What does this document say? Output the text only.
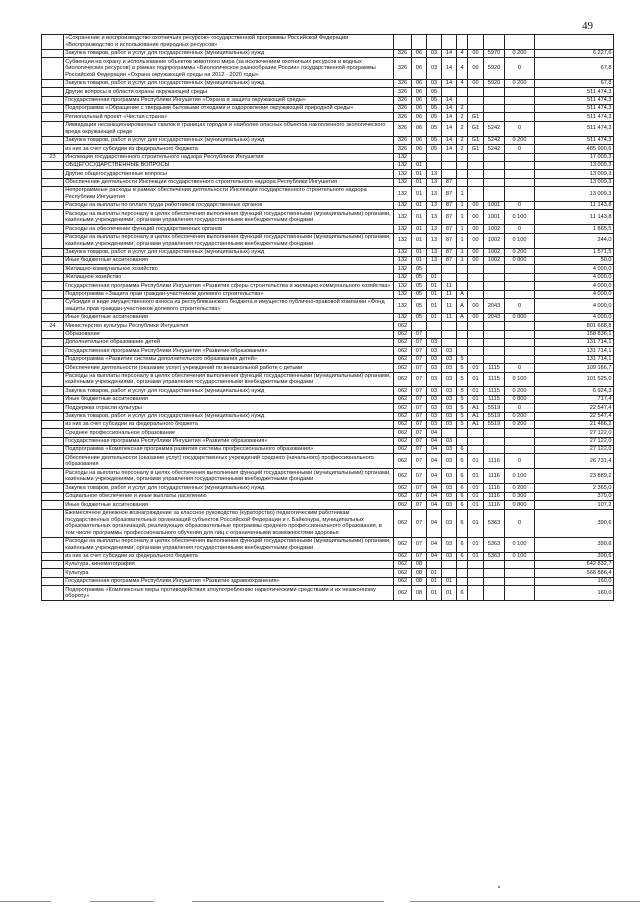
49
	«Сохранение и воспроизводство охотничьих ресурсов» государственной программы Российской Федерации «Воспроизводство и использование природных ресурсов»									
	Закупка товаров, работ и услуг для государственных (муниципальных) нужд	326	06	03	14	4	00	5970	0 200	6 227,6
	Субвенции на охрану и использование объектов животного мира (за исключением охотничьих ресурсов и водных биологических ресурсов) в рамках подпрограммы «Биологическое разнообразие России» государственной программы Российской Федерации «Охрана окружающей среды на 2012 - 2020 годы»	326	06	03	14	4	00	5920	0	67,8
	Закупка товаров, работ и услуг для государственных (муниципальных) нужд	326	06	03	14	4	00	5920	0 200	67,8
	Другие вопросы в области охраны окружающей среды	326	06	05						511 474,3
	Государственная программа Республики Ингушетия «Охрана и защита окружающей среды»	326	06	05	14					511 474,3
	Подпрограмма «Обращение с твердыми бытовыми отходами и оздоровление окружающей природной среды»	326	06	05	14	2				511 474,3
	Региональный проект «Чистая страна»	326	06	05	14	2	G1			511 474,3
	Ликвидация несанкционированных свалок в границах городов и наиболее опасных объектов накопленного экологического вреда окружающей среде	326	06	05	14	2	G1	5242	0	511 474,3
	Закупка товаров, работ и услуг для государственных (муниципальных) нужд	326	06	05	14	2	G1	5242	0 200	511 474,3
	из них за счет субсидии из федерального бюджета	326	06	05	14	2	G1	5242	0	485 900,6
23	Инспекция государственного строительного надзора Республики Ингушетия	132								17 009,3
	ОБЩЕГОСУДАРСТВЕННЫЕ ВОПРОСЫ	132	01							13 009,3
	Другие общегосударственные вопросы	132	01	13						13 009,3
	Обеспечение деятельности Инспекции государственного строительного надзора Республики Ингушетия	132	01	13	87					13 009,3
	Непрограммные расходы в рамках обеспечения деятельности Инспекции государственного строительного надзора Республики Ингушетия	132	01	13	87	1				13 009,3
	Расходы на выплаты по оплате труда работников государственных органов	132	01	13	87	1	00	1001	0	11 143,8
	Расходы на выплаты персоналу в целях обеспечения выполнения функций государственными (муниципальными) органами, казёнными учреждениями, органами управления государственными внебюджетными фондами	132	01	13	87	1	00	1001	0 100	11 143,8
	Расходы на обеспечение функций государственных органов	132	01	13	87	1	00	1002	0	1 865,5
	Расходы на выплаты персоналу в целях обеспечения выполнения функций государственными (муниципальными) органами, казёнными учреждениями, органами управления государственными внебюджетными фондами	132	01	13	87	1	00	1002	0 100	244,0
	Закупка товаров, работ и услуг для государственных (муниципальных) нужд	132	01	13	87	1	00	1002	0 200	1 571,5
	Иные бюджетные ассигнования	132	01	13	87	1	00	1002	0 800	50,0
	Жилищно-коммунальное хозяйство	132	05							4 000,0
	Жилищное хозяйство	132	05	01						4 000,0
	Государственная программа Республики Ингушетия «Развитие сферы строительства и жилищно-коммунального хозяйства»	132	05	01	11					4 000,0
	Подпрограмма «Защита прав граждан-участников долевого строительства»	132	05	01	11	А				4 000,0
	Субсидия в виде имущественного взноса из республиканского бюджета в имущество публично-правовой компании «Фонд защиты прав граждан-участников долевого строительства»	132	05	01	11	А	00	2043	0	4 000,0
	Иные бюджетные ассигнования	132	05	01	11	А	00	2043	0 800	4 000,0
24	Министерство культуры Республики Ингушетия	062								801 668,8
	Образование	062	07							158 836,1
	Дополнительное образование детей	062	07	03						131 714,1
	Государственная программа Республики Ингушетия «Развитие образования»	062	07	03	03					131 714,1
	Подпрограмма «Развитие системы дополнительного образования детей»	062	07	03	03	5				131 714,1
	Обеспечение деятельности (оказание услуг) учреждений по внешкольной работе с детьми	062	07	03	03	5	01	1115	0	109 166,7
	Расходы на выплаты персоналу в целях обеспечения выполнения функций государственными (муниципальными) органами, казёнными учреждениями, органами управления государственными внебюджетными фондами	062	07	03	03	5	01	1115	0 100	101 525,0
	Закупка товаров, работ и услуг для государственных (муниципальных) нужд	062	07	03	03	5	01	1115	0 200	6 924,3
	Иные бюджетные ассигнования	062	07	03	03	5	01	1115	0 800	717,4
	Поддержка отрасли культуры	062	07	03	03	5	А1	5519	0	22 547,4
	Закупка товаров, работ и услуг для государственных (муниципальных) нужд	062	07	03	03	5	А1	5519	0 200	22 547,4
	из них за счет субсидии из федерального бюджета	062	07	03	03	5	А1	5519	0 200	21 466,2
	Среднее профессиональное образование	062	07	04						27 122,0
	Государственная программа Республики Ингушетия «Развитие образования»	062	07	04	03					27 122,0
	Подпрограмма «Комплексная программа развития системы профессионального образования»	062	07	04	03	6				27 122,0
	Обеспечение деятельности (оказание услуг) государственных учреждений среднего (начального) профессионального образования	062	07	04	03	6	01	1116	0	26 731,4
	Расходы на выплаты персоналу в целях обеспечения выполнения функций государственными (муниципальными) органами, казёнными учреждениями, органами управления государственными внебюджетными фондами	062	07	04	03	6	01	1116	0 100	23 889,2
	Закупка товаров, работ и услуг для государственных (муниципальных) нужд	062	07	04	03	6	01	1116	0 200	2 365,0
	Социальное обеспечение и иные выплаты населению	062	07	04	03	6	01	1116	0 300	370,0
	Иные бюджетные ассигнования	062	07	04	03	6	01	1116	0 800	107,2
	Ежемесячное денежное вознаграждение за классное руководство (кураторство) педагогическим работникам государственных образовательных организаций субъектов Российской Федерации и г. Байконура, муниципальных образовательных организаций, реализующих образовательные программы среднего профессионального образования, в том числе программы профессионального обучения для лиц с ограниченными возможностями здоровья	062	07	04	03	6	01	5363	0	390,6
	Расходы на выплаты персоналу в целях обеспечения выполнения функций государственными (муниципальными) органами, казёнными учреждениями, органами управления государственными внебюджетными фондами	062	07	04	03	6	01	5363	0 100	390,6
	из них за счет субсидии из федерального бюджета	062	07	04	03	6	01	5363	0 100	390,6
	Культура, кинематография	062	08							642 832,7
	Культура	062	08	01						566 886,4
	Государственная программа Республики Ингушетия «Развитие здравоохранения»	062	08	01	01					160,0
	Подпрограмма «Комплексные меры противодействия злоупотреблению наркотическими средствами и их незаконному обороту»	062	08	01	01	6				160,0
